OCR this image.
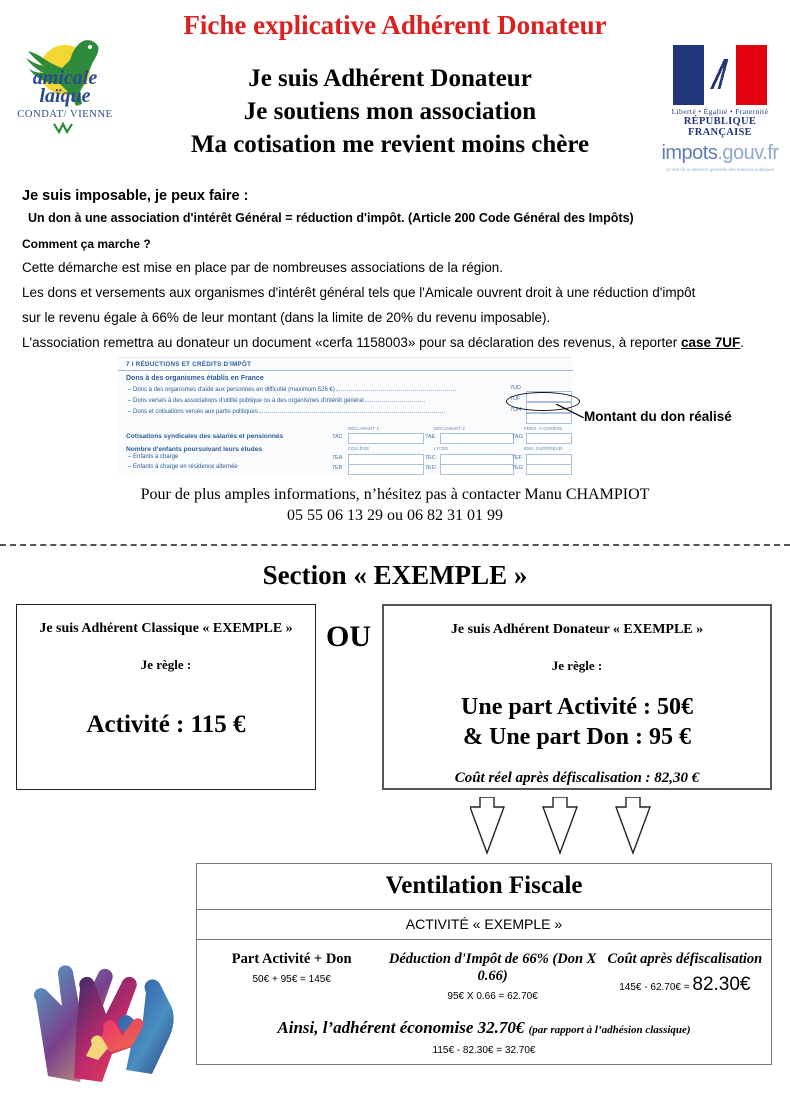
amicale
laïque
CONDAT/ VIENNE
Fiche explicative Adhérent Donateur
Je suis Adhérent Donateur
Je soutiens mon association
Ma cotisation me revient moins chère
Liberté • Égalité • Fraternité
RÉPUBLIQUE FRANÇAISE
impots.gouv.fr
un site de la direction générale des finances publiques
Je suis imposable, je peux faire :
Un don à une association d'intérêt Général = réduction d'impôt. (Article 200 Code Général des Impôts)
Comment ça marche ?
Cette démarche est mise en place par de nombreuses associations de la région.
Les dons et versements aux organismes d'intérêt général tels que l'Amicale ouvrent droit à une réduction d'impôt
sur le revenu égale à 66% de leur montant (dans la limite de 20% du revenu imposable).
L'association remettra au donateur un document «cerfa 1158003» pour sa déclaration des revenus, à reporter case 7UF.
7 I RÉDUCTIONS ET CRÉDITS D'IMPÔT
Dons à des organismes établis en France
– Dons à des organismes d'aide aux personnes en difficulté (maximum 526 €)	7UD
– Dons versés à des associations d'utilité publique ou à des organismes d'intérêt général	7UF
– Dons et cotisations versés aux partis politiques	7UH
DÉCLARANT 1	DÉCLARANT 2	PERS. À CHARGE
Cotisations syndicales des salariés et pensionnés	7AC	7AE	7AG
Nombre d'enfants poursuivant leurs études	COLLÈGE	LYCÉE	ENS. SUPÉRIEUR
– Enfants à charge	7EA	7EC	7EF
– Enfants à charge en résidence alternée	7EB	7ED	7EG
Montant du don réalisé
Pour de plus amples informations, n’hésitez pas à contacter Manu CHAMPIOT
05 55 06 13 29 ou 06 82 31 01 99
Section « EXEMPLE »
Je suis Adhérent Classique « EXEMPLE »
Je règle :
Activité : 115 €
OU	Je suis Adhérent Donateur « EXEMPLE »
Je règle :
Une part Activité : 50€
& Une part Don : 95 €
Coût réel après défiscalisation : 82,30 €
Ventilation Fiscale
ACTIVITÉ « EXEMPLE »
Part Activité + Don
50€ + 95€ = 145€
Déduction d'Impôt de 66% (Don X 0.66)
95€ X 0.66 = 62.70€
Coût après défiscalisation
145€ - 62.70€ = 82.30€
Ainsi, l’adhérent économise 32.70€ (par rapport à l’adhésion classique)
115€ - 82.30€ = 32.70€
